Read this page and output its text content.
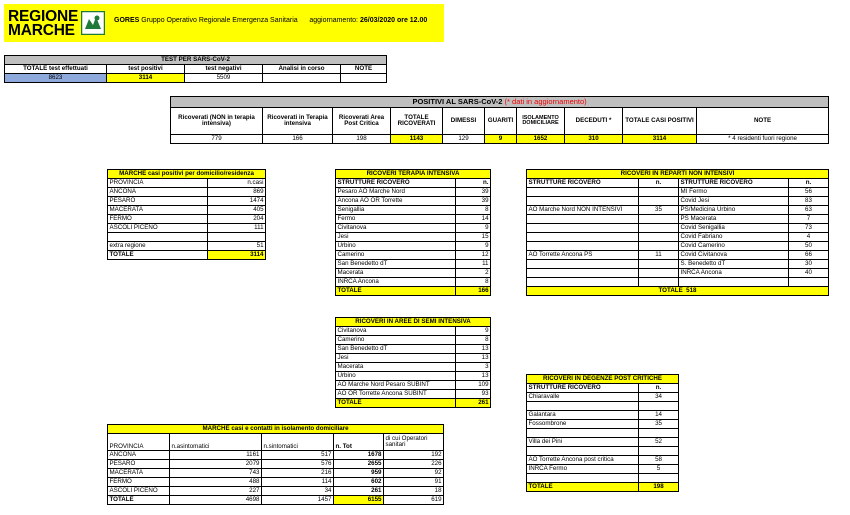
REGIONE
MARCHE
GORES Gruppo Operativo Regionale Emergenza Sanitaria aggiornamento: 26/03/2020 ore 12.00
TEST PER SARS-CoV-2				
TOTALE test effettuati	test positivi	test negativi	Analisi in corso	NOTE
8623	3114	5509		
POSITIVI AL SARS-CoV-2 (* dati in aggiornamento)									
Ricoverati (NON in terapia intensiva)	Ricoverati in Terapia intensiva	Ricoverati Area Post Critica	TOTALE RICOVERATI	DIMESSI	GUARITI	ISOLAMENTO DOMICILIARE	DECEDUTI *	TOTALE CASI POSITIVI	NOTE
779	166	198	1143	129	9	1652	310	3114	* 4 residenti fuori regione
MARCHE casi positivi per domicilio/residenza	
PROVINCIA	n.casi
ANCONA	869
PESARO	1474
MACERATA	405
FERMO	204
ASCOLI PICENO	111

extra regione	51
TOTALE	3114
RICOVERI TERAPIA INTENSIVA	
STRUTTURE RICOVERO	n.
Pesaro AO Marche Nord	39
Ancona AO OR Torrette	39
Senigallia	8
Fermo	14
Civitanova	9
Jesi	15
Urbino	9
Camerino	12
San Benedetto dT	11
Macerata	2
INRCA Ancona	8
TOTALE	166
RICOVERI IN AREE DI SEMI INTENSIVA	
Civitanova	9
Camerino	8
San Benedetto dT	13
Jesi	13
Macerata	3
Urbino	13
AO Marche Nord Pesaro SUBINT	109
AO OR Torrette Ancona SUBINT	93
TOTALE	261
RICOVERI IN REPARTI NON INTENSIVI			
STRUTTURE RICOVERO	n.	STRUTTURE RICOVERO	n.
		MI Fermo	56
		Covid Jesi	83
AO Marche Nord NON INTENSIVI	35	PS/Medicina Urbino	63
		PS Macerata	7
		Covid Senigallia	73
		Covid Fabriano	4
		Covid Camerino	50
AO Torrette Ancona PS	11	Covid Civitanova	66
		S. Benedetto dT	30
		INRCA Ancona	40

TOTALE 518			
RICOVERI IN DEGENZE POST CRITICHE	
STRUTTURE RICOVERO	n.
Chiaravalle	34

Galantara	14
Fossombrone	35

Villa dei Pini	52

AO Torrette Ancona post critica	58
INRCA Fermo	5

TOTALE	198
MARCHE casi e contatti in isolamento domiciliare				
PROVINCIA	n.asintomatici	n.sintomatici	n. Tot	di cui Operatori sanitari
ANCONA	1161	517	1678	192
PESARO	2079	576	2655	226
MACERATA	743	216	959	92
FERMO	488	114	602	91
ASCOLI PICENO	227	34	261	18
TOTALE	4698	1457	6155	619
